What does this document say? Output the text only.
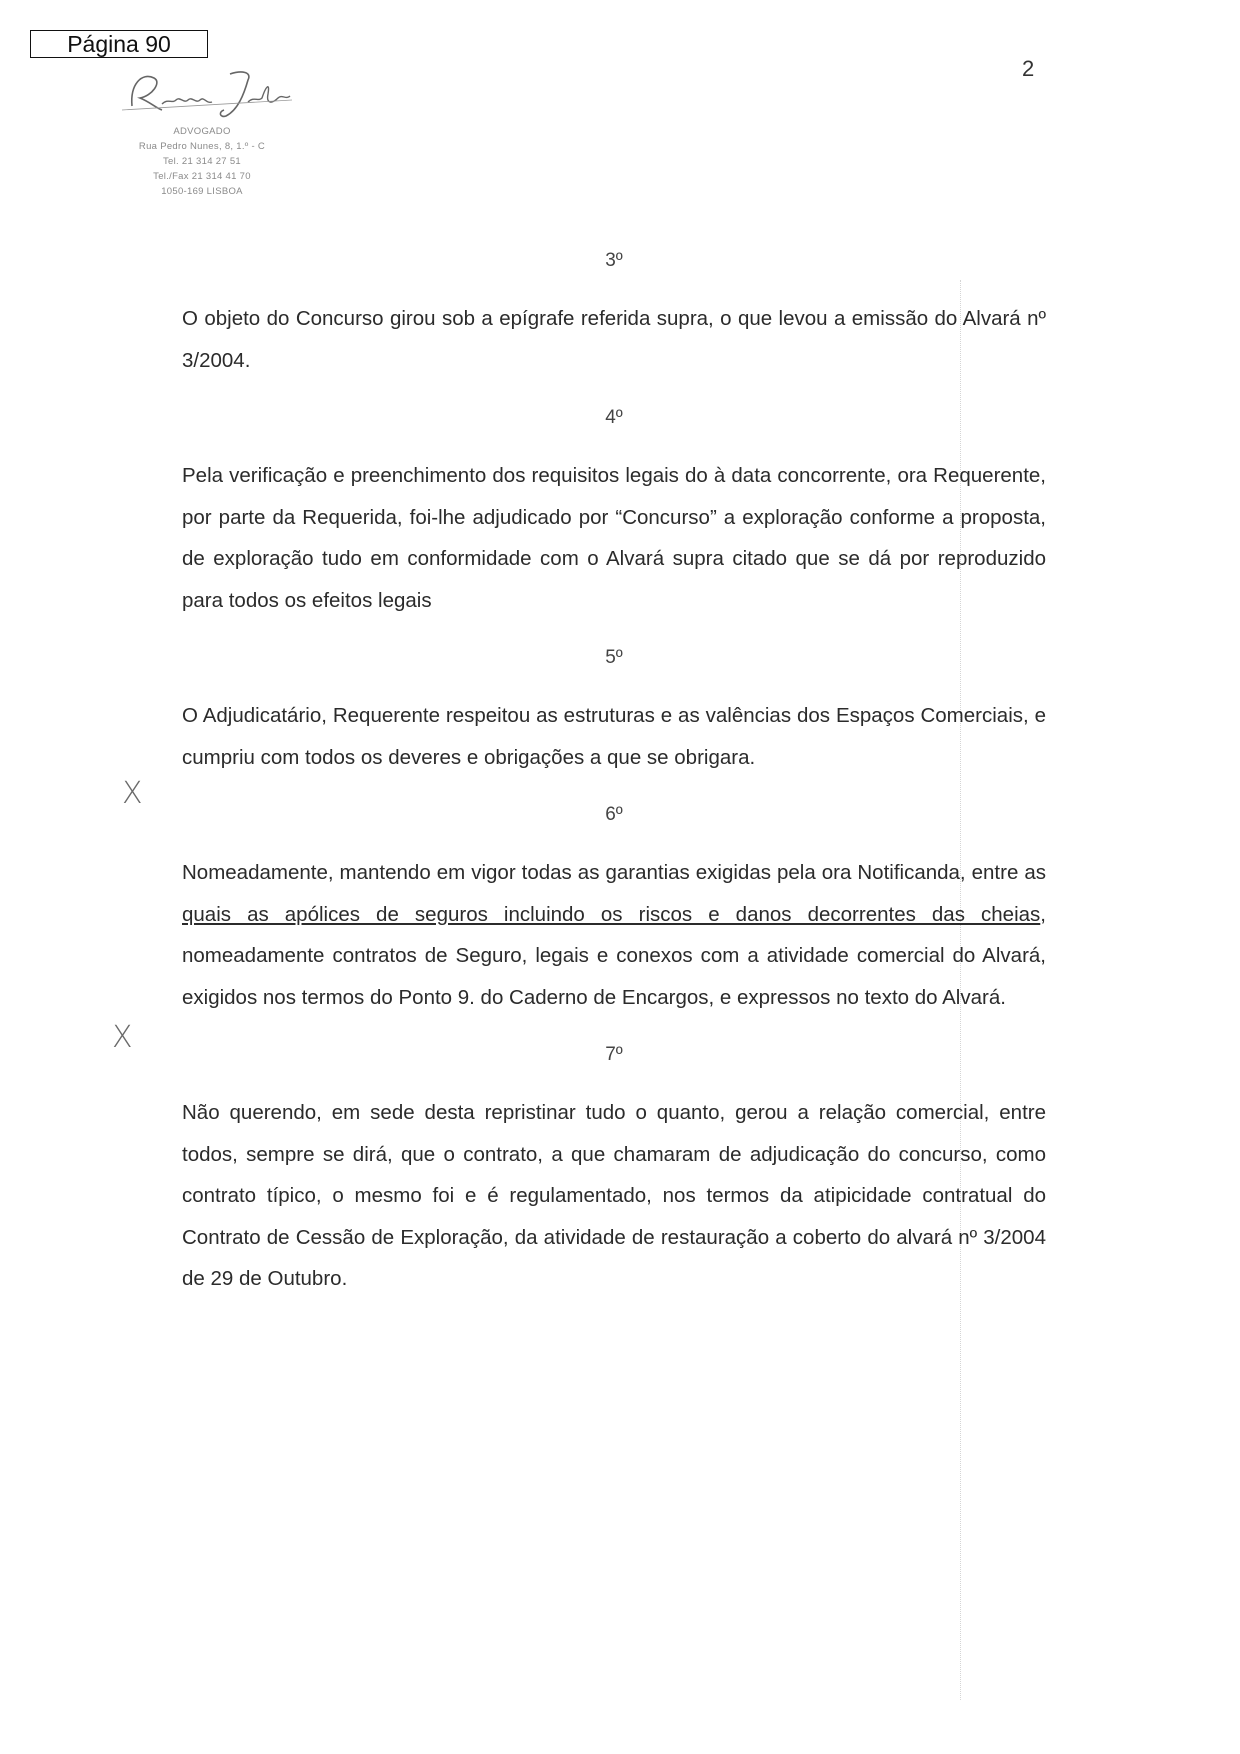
Página 90
2
ADVOGADO
Rua Pedro Nunes, 8, 1.º - C
Tel. 21 314 27 51
Tel./Fax 21 314 41 70
1050-169 LISBOA
X
X
3º

O objeto do Concurso girou sob a epígrafe referida supra, o que levou a emissão do Alvará nº 3/2004.

4º

Pela verificação e preenchimento dos requisitos legais do à data concorrente, ora Requerente, por parte da Requerida, foi-lhe adjudicado por “Concurso” a exploração conforme a proposta, de exploração tudo em conformidade com o Alvará supra citado que se dá por reproduzido para todos os efeitos legais

5º

O Adjudicatário, Requerente respeitou as estruturas e as valências dos Espaços Comerciais, e cumpriu com todos os deveres e obrigações a que se obrigara.

6º

Nomeadamente, mantendo em vigor todas as garantias exigidas pela ora Notificanda, entre as quais as apólices de seguros incluindo os riscos e danos decorrentes das cheias, nomeadamente contratos de Seguro, legais e conexos com a atividade comercial do Alvará, exigidos nos termos do Ponto 9. do Caderno de Encargos, e expressos no texto do Alvará.

7º

Não querendo, em sede desta repristinar tudo o quanto, gerou a relação comercial, entre todos, sempre se dirá, que o contrato, a que chamaram de adjudicação do concurso, como contrato típico, o mesmo foi e é regulamentado, nos termos da atipicidade contratual do Contrato de Cessão de Exploração, da atividade de restauração a coberto do alvará nº 3/2004 de 29 de Outubro.
